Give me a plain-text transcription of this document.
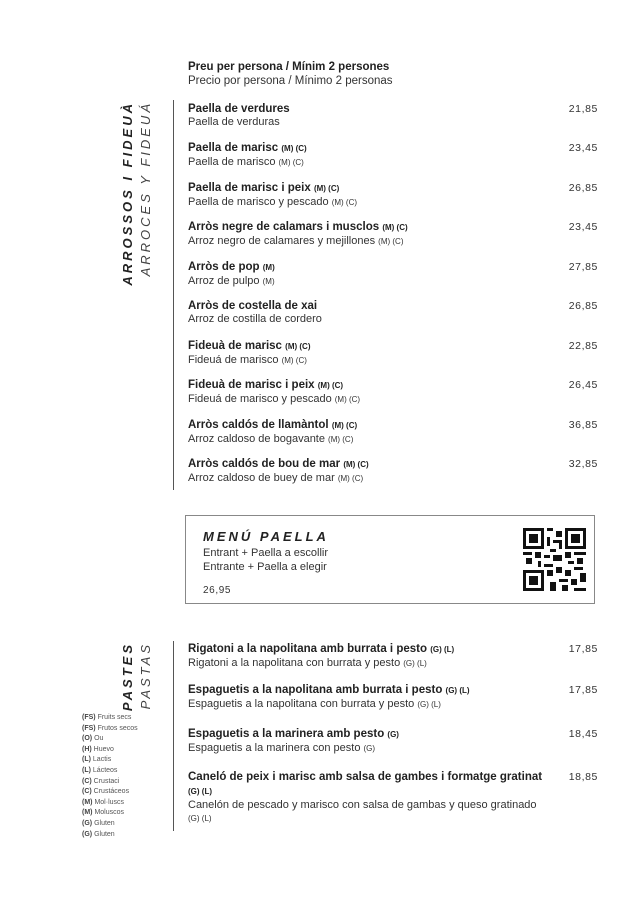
Preu per persona / Mínim 2 persones
Precio por persona / Mínimo 2 personas
ARROSSOS I FIDEUÀ ARROCES Y FIDEUÁ	Paella de verdures
Paella de verduras
21,85
Paella de marisc (M) (C)
Paella de marisco (M) (C)
23,45
Paella de marisc i peix (M) (C)
Paella de marisco y pescado (M) (C)
26,85
Arròs negre de calamars i musclos (M) (C)
Arroz negro de calamares y mejillones (M) (C)
23,45
Arròs de pop (M)
Arroz de pulpo (M)
27,85
Arròs de costella de xai
Arroz de costilla de cordero
26,85
Fideuà de marisc (M) (C)
Fideuá de marisco (M) (C)
22,85
Fideuà de marisc i peix (M) (C)
Fideuá de marisco y pescado (M) (C)
26,45
Arròs caldós de llamàntol (M) (C)
Arroz caldoso de bogavante (M) (C)
36,85
Arròs caldós de bou de mar (M) (C)
Arroz caldoso de buey de mar (M) (C)
32,85
MENÚ PAELLA
Entrant + Paella a escollir
Entrante + Paella a elegir
26,95
PASTES PASTAS	Rigatoni a la napolitana amb burrata i pesto (G) (L)
Rigatoni a la napolitana con burrata y pesto (G) (L)
17,85
Espaguetis a la napolitana amb burrata i pesto (G) (L)
Espaguetis a la napolitana con burrata y pesto (G) (L)
17,85
Espaguetis a la marinera amb pesto (G)
Espaguetis a la marinera con pesto (G)
18,45
Caneló de peix i marisc amb salsa de gambes i formatge gratinat (G) (L)
Canelón de pescado y marisco con salsa de gambas y queso gratinado (G) (L)
18,85
(FS) Fruits secs
(FS) Frutos secos
(O) Ou
(H) Huevo
(L) Lactis
(L) Lácteos
(C) Crustaci
(C) Crustáceos
(M) Mol·luscs
(M) Moluscos
(G) Gluten
(G) Gluten
